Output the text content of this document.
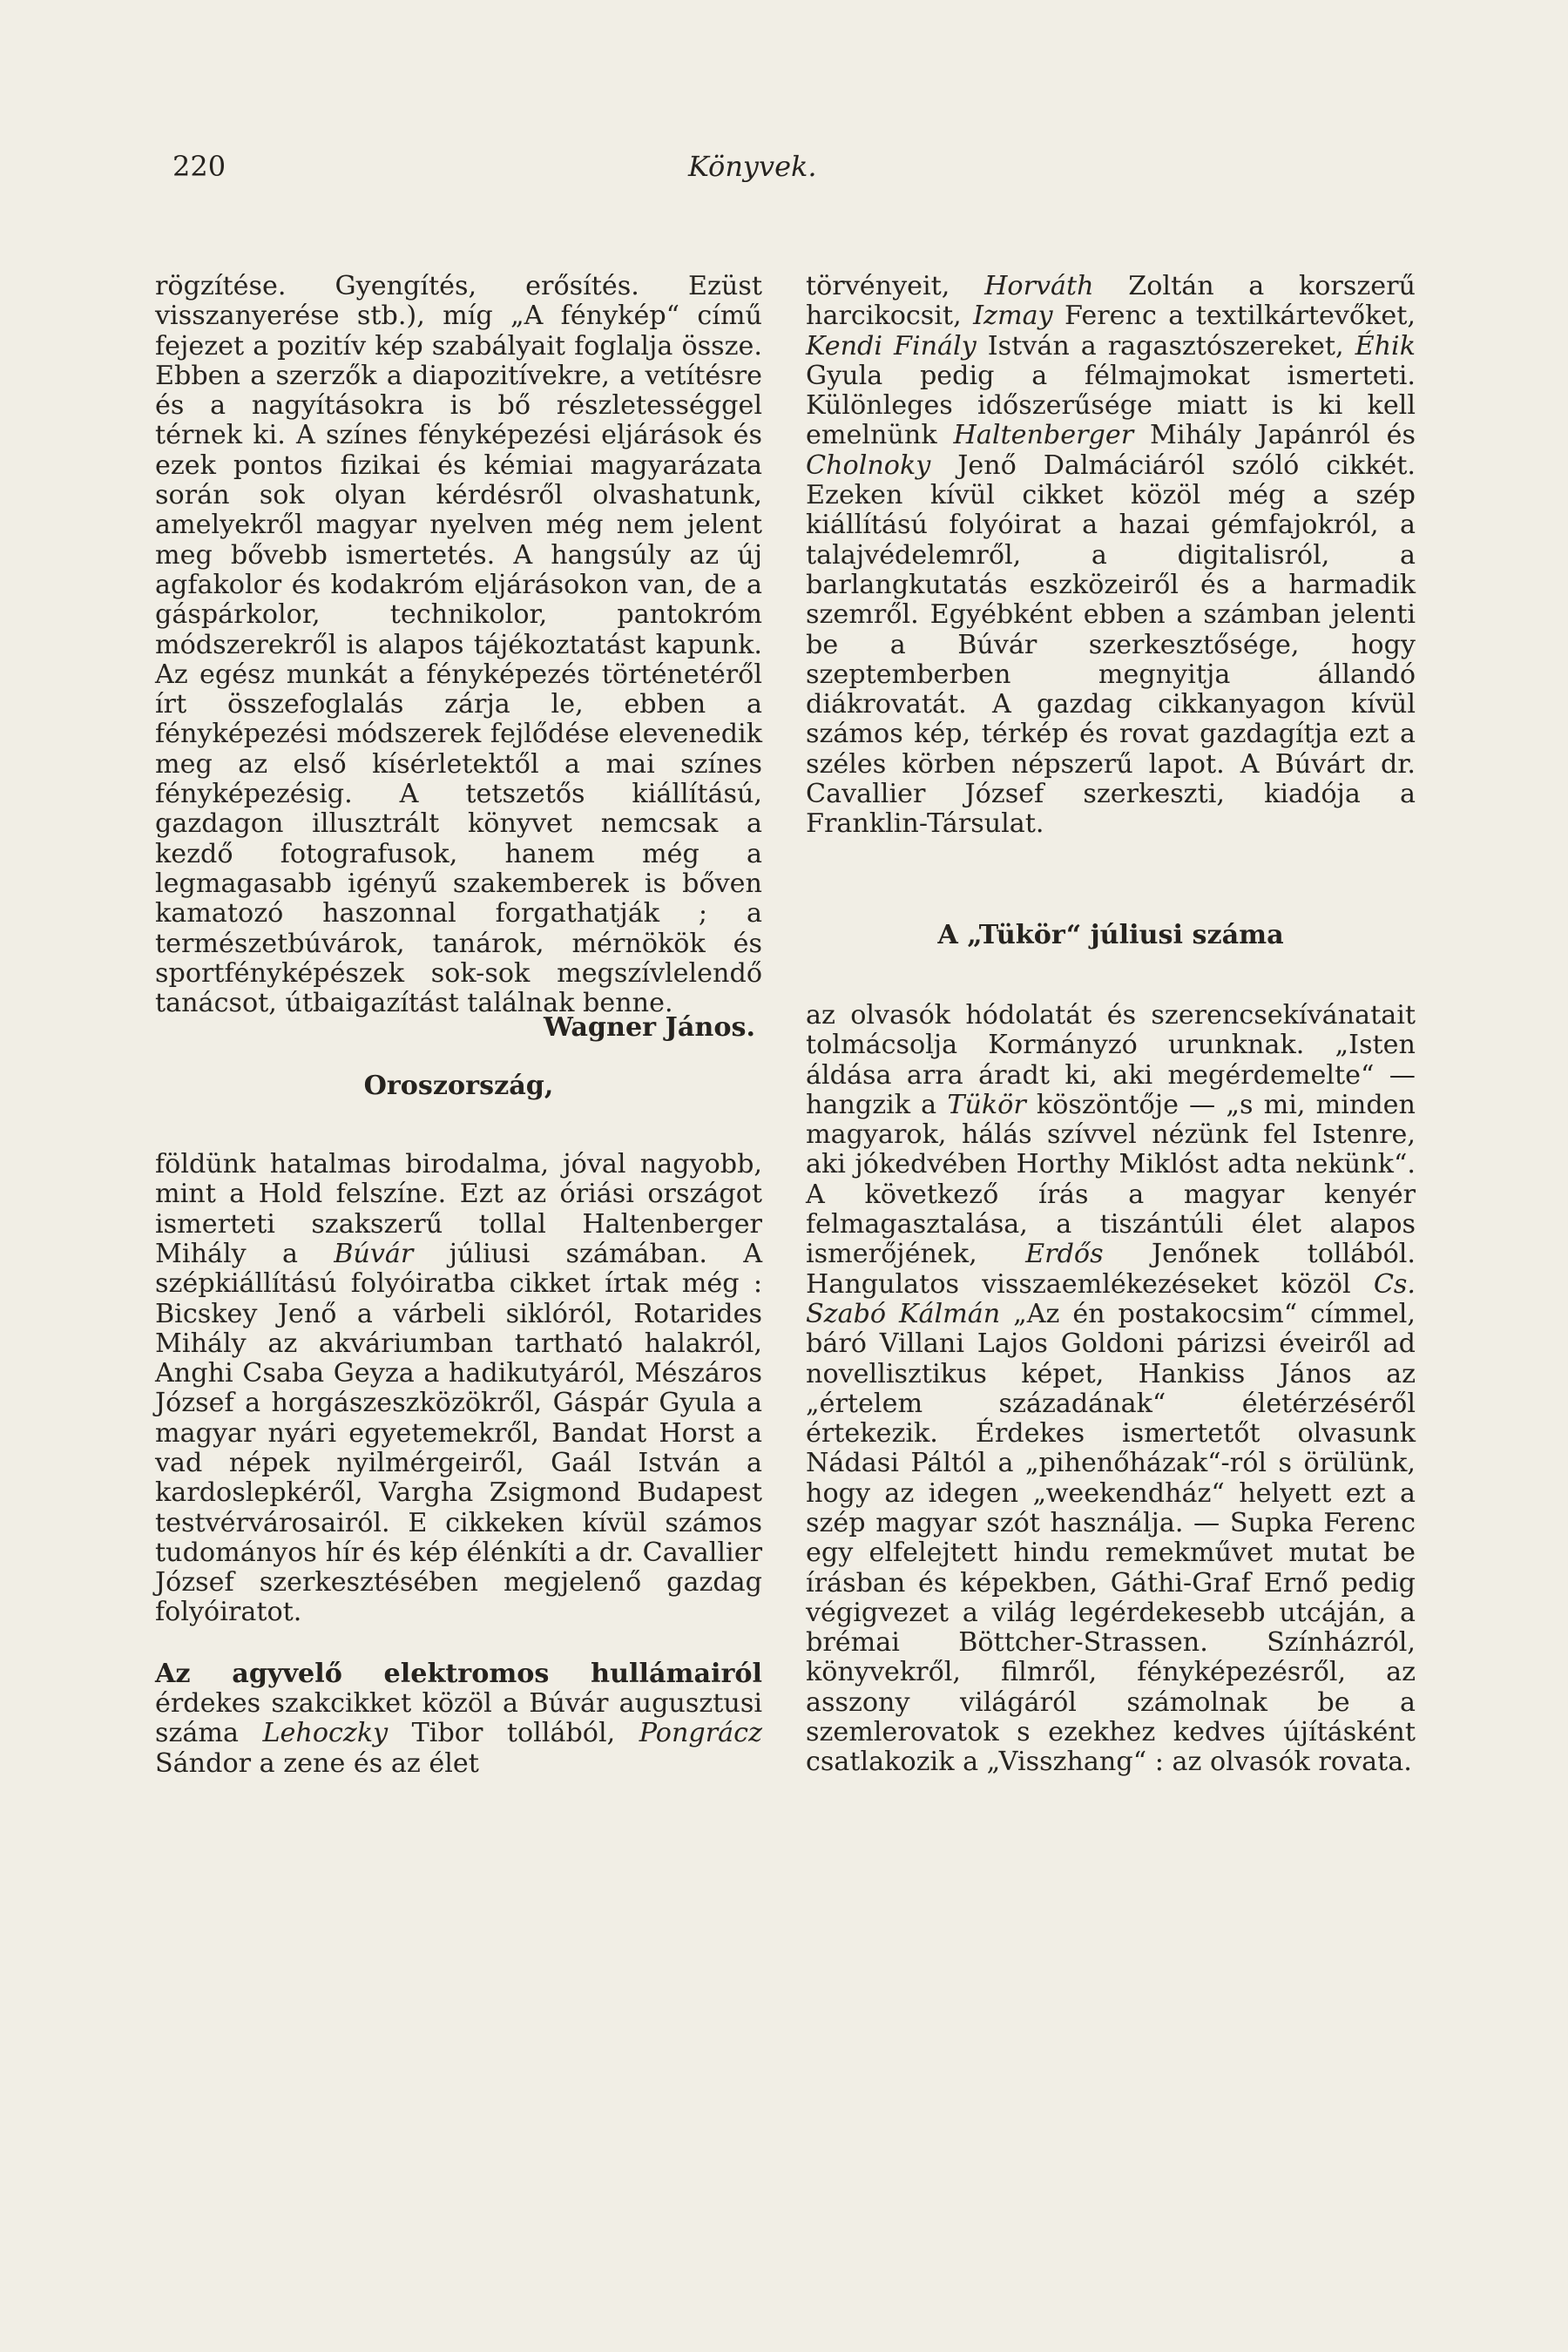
220	Könyvek.

rögzítése. Gyengítés, erősítés. Ezüst visszanyerése stb.), míg „A fénykép“ című fejezet a pozitív kép szabályait foglalja össze. Ebben a szerzők a diapozitívekre, a vetítésre és a nagyításokra is bő részletességgel térnek ki. A színes fényképezési eljárások és ezek pontos fizikai és kémiai magyarázata során sok olyan kérdésről olvashatunk, amelyekről magyar nyelven még nem jelent meg bővebb ismertetés. A hangsúly az új agfakolor és kodakróm eljárásokon van, de a gáspárkolor, technikolor, pantokróm módszerekről is alapos tájékoztatást kapunk. Az egész munkát a fényképezés történetéről írt összefoglalás zárja le, ebben a fényképezési módszerek fejlődése elevenedik meg az első kísérletektől a mai színes fényképezésig. A tetszetős kiállítású, gazdagon illusztrált könyvet nemcsak a kezdő fotografusok, hanem még a legmagasabb igényű szakemberek is bőven kamatozó haszonnal forgathatják ; a természetbúvárok, tanárok, mérnökök és sportfényképészek sok-sok megszívlelendő tanácsot, útbaigazítást találnak benne.

Wagner János.

Oroszország,

földünk hatalmas birodalma, jóval nagyobb, mint a Hold felszíne. Ezt az óriási országot ismerteti szakszerű tollal Haltenberger Mihály a Búvár júliusi számában. A szépkiállítású folyóiratba cikket írtak még : Bicskey Jenő a várbeli siklóról, Rotarides Mihály az akváriumban tartható halakról, Anghi Csaba Geyza a hadikutyáról, Mészáros József a horgászeszközökről, Gáspár Gyula a magyar nyári egyetemekről, Bandat Horst a vad népek nyilmérgeiről, Gaál István a kardoslepkéről, Vargha Zsigmond Budapest testvérvárosairól. E cikkeken kívül számos tudományos hír és kép élénkíti a dr. Cavallier József szerkesztésében megjelenő gazdag folyóiratot.

Az agyvelő elektromos hullámairól érdekes szakcikket közöl a Búvár augusztusi száma Lehoczky Tibor tollából, Pongrácz Sándor a zene és az élet

törvényeit, Horváth Zoltán a korszerű harcikocsit, Izmay Ferenc a textilkártevőket, Kendi Finály István a ragasztószereket, Éhik Gyula pedig a félmajmokat ismerteti. Különleges időszerűsége miatt is ki kell emelnünk Haltenberger Mihály Japánról és Cholnoky Jenő Dalmáciáról szóló cikkét. Ezeken kívül cikket közöl még a szép kiállítású folyóirat a hazai gémfajokról, a talajvédelemről, a digitalisról, a barlangkutatás eszközeiről és a harmadik szemről. Egyébként ebben a számban jelenti be a Búvár szerkesztősége, hogy szeptemberben megnyitja állandó diákrovatát. A gazdag cikkanyagon kívül számos kép, térkép és rovat gazdagítja ezt a széles körben népszerű lapot. A Búvárt dr. Cavallier József szerkeszti, kiadója a Franklin-Társulat.

A „Tükör“ júliusi száma

az olvasók hódolatát és szerencsekívánatait tolmácsolja Kormányzó urunknak. „Isten áldása arra áradt ki, aki megérdemelte“ — hangzik a Tükör köszöntője — „s mi, minden magyarok, hálás szívvel nézünk fel Istenre, aki jókedvében Horthy Miklóst adta nekünk“. A következő írás a magyar kenyér felmagasztalása, a tiszántúli élet alapos ismerőjének, Erdős Jenőnek tollából. Hangulatos visszaemlékezéseket közöl Cs. Szabó Kálmán „Az én postakocsim“ címmel, báró Villani Lajos Goldoni párizsi éveiről ad novellisztikus képet, Hankiss János az „értelem századának“ életérzéséről értekezik. Érdekes ismertetőt olvasunk Nádasi Páltól a „pihenőházak“-ról s örülünk, hogy az idegen „weekendház“ helyett ezt a szép magyar szót használja. — Supka Ferenc egy elfelejtett hindu remekművet mutat be írásban és képekben, Gáthi-Graf Ernő pedig végigvezet a világ legérdekesebb utcáján, a brémai Böttcher-Strassen. Színházról, könyvekről, filmről, fényképezésről, az asszony világáról számolnak be a szemlerovatok s ezekhez kedves újításként csatlakozik a „Visszhang“ : az olvasók rovata.
